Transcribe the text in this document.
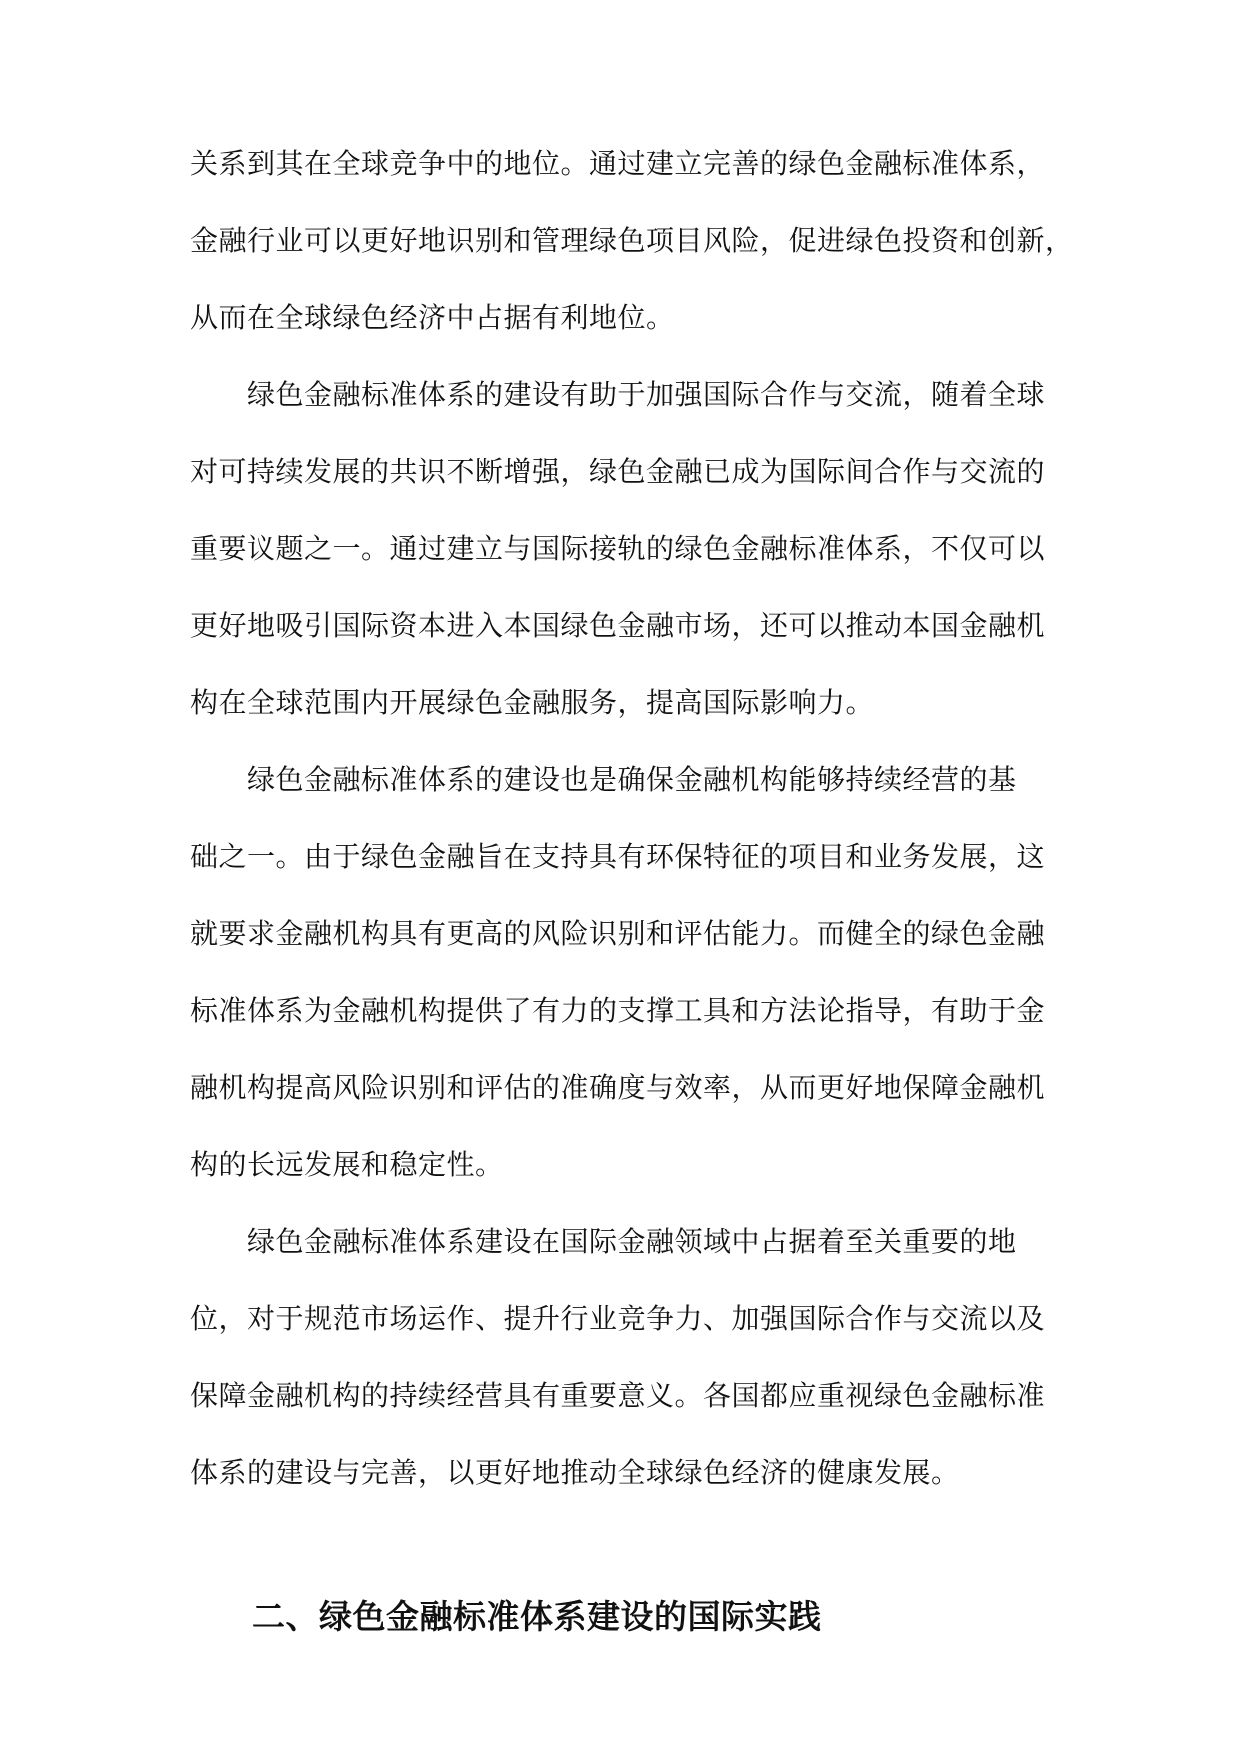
关系到其在全球竞争中的地位。通过建立完善的绿色金融标准体系，
金融行业可以更好地识别和管理绿色项目风险，促进绿色投资和创新，
从而在全球绿色经济中占据有利地位。
　　绿色金融标准体系的建设有助于加强国际合作与交流，随着全球
对可持续发展的共识不断增强，绿色金融已成为国际间合作与交流的
重要议题之一。通过建立与国际接轨的绿色金融标准体系，不仅可以
更好地吸引国际资本进入本国绿色金融市场，还可以推动本国金融机
构在全球范围内开展绿色金融服务，提高国际影响力。
　　绿色金融标准体系的建设也是确保金融机构能够持续经营的基
础之一。由于绿色金融旨在支持具有环保特征的项目和业务发展，这
就要求金融机构具有更高的风险识别和评估能力。而健全的绿色金融
标准体系为金融机构提供了有力的支撑工具和方法论指导，有助于金
融机构提高风险识别和评估的准确度与效率，从而更好地保障金融机
构的长远发展和稳定性。
　　绿色金融标准体系建设在国际金融领域中占据着至关重要的地
位，对于规范市场运作、提升行业竞争力、加强国际合作与交流以及
保障金融机构的持续经营具有重要意义。各国都应重视绿色金融标准
体系的建设与完善，以更好地推动全球绿色经济的健康发展。
二、绿色金融标准体系建设的国际实践
